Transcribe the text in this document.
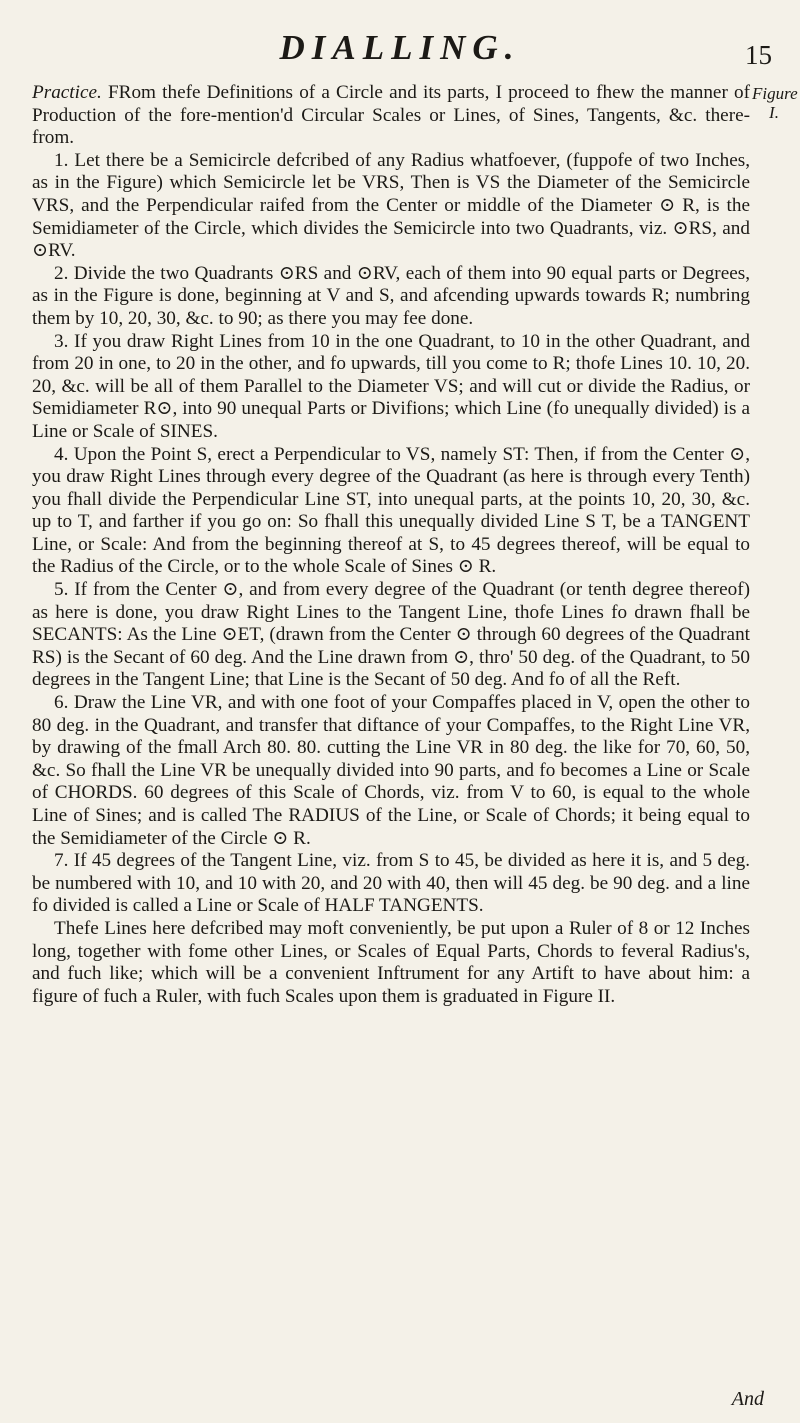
DIALLING.	15
Figure I.

Practice. FRom thefe Definitions of a Circle and its parts, I proceed to fhew the manner of Production of the fore-mention'd Circular Scales or Lines, of Sines, Tangents, &c. there-from.

1. Let there be a Semicircle defcribed of any Radius whatfoever, (fuppofe of two Inches, as in the Figure) which Semicircle let be VRS, Then is VS the Diameter of the Semicircle VRS, and the Perpendicular raifed from the Center or middle of the Diameter ⊙ R, is the Semidiameter of the Circle, which divides the Semicircle into two Quadrants, viz. ⊙RS, and ⊙RV.

2. Divide the two Quadrants ⊙RS and ⊙RV, each of them into 90 equal parts or Degrees, as in the Figure is done, beginning at V and S, and afcending upwards towards R; numbring them by 10, 20, 30, &c. to 90; as there you may fee done.

3. If you draw Right Lines from 10 in the one Quadrant, to 10 in the other Quadrant, and from 20 in one, to 20 in the other, and fo upwards, till you come to R; thofe Lines 10. 10, 20. 20, &c. will be all of them Parallel to the Diameter VS; and will cut or divide the Radius, or Semidiameter R⊙, into 90 unequal Parts or Divifions; which Line (fo unequally divided) is a Line or Scale of SINES.

4. Upon the Point S, erect a Perpendicular to VS, namely ST: Then, if from the Center ⊙, you draw Right Lines through every degree of the Quadrant (as here is through every Tenth) you fhall divide the Perpendicular Line ST, into unequal parts, at the points 10, 20, 30, &c. up to T, and farther if you go on: So fhall this unequally divided Line S T, be a TANGENT Line, or Scale: And from the beginning thereof at S, to 45 degrees thereof, will be equal to the Radius of the Circle, or to the whole Scale of Sines ⊙ R.

5. If from the Center ⊙, and from every degree of the Quadrant (or tenth degree thereof) as here is done, you draw Right Lines to the Tangent Line, thofe Lines fo drawn fhall be SECANTS: As the Line ⊙ET, (drawn from the Center ⊙ through 60 degrees of the Quadrant RS) is the Secant of 60 deg. And the Line drawn from ⊙, thro' 50 deg. of the Quadrant, to 50 degrees in the Tangent Line; that Line is the Secant of 50 deg. And fo of all the Reft.

6. Draw the Line VR, and with one foot of your Compaffes placed in V, open the other to 80 deg. in the Quadrant, and transfer that diftance of your Compaffes, to the Right Line VR, by drawing of the fmall Arch 80. 80. cutting the Line VR in 80 deg. the like for 70, 60, 50, &c. So fhall the Line VR be unequally divided into 90 parts, and fo becomes a Line or Scale of CHORDS. 60 degrees of this Scale of Chords, viz. from V to 60, is equal to the whole Line of Sines; and is called The RADIUS of the Line, or Scale of Chords; it being equal to the Semidiameter of the Circle ⊙ R.

7. If 45 degrees of the Tangent Line, viz. from S to 45, be divided as here it is, and 5 deg. be numbered with 10, and 10 with 20, and 20 with 40, then will 45 deg. be 90 deg. and a line fo divided is called a Line or Scale of HALF TANGENTS.

Thefe Lines here defcribed may moft conveniently, be put upon a Ruler of 8 or 12 Inches long, together with fome other Lines, or Scales of Equal Parts, Chords to feveral Radius's, and fuch like; which will be a convenient Inftrument for any Artift to have about him: a figure of fuch a Ruler, with fuch Scales upon them is graduated in Figure II.

And
